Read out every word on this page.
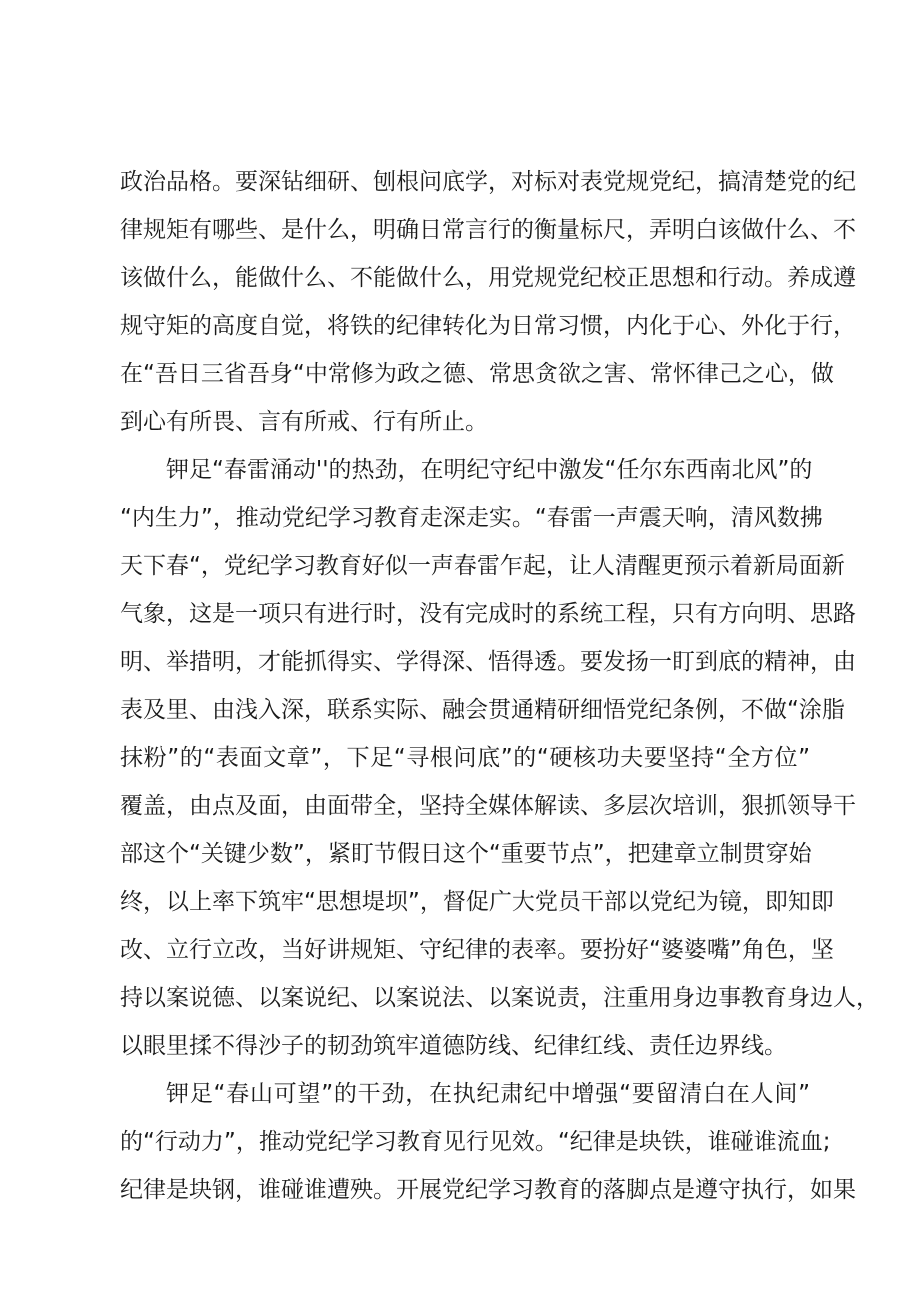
政治品格。要深钻细研、刨根问底学，对标对表党规党纪，搞清楚党的纪
律规矩有哪些、是什么，明确日常言行的衡量标尺，弄明白该做什么、不
该做什么，能做什么、不能做什么，用党规党纪校正思想和行动。养成遵
规守矩的高度自觉，将铁的纪律转化为日常习惯，内化于心、外化于行，
在“吾日三省吾身“中常修为政之德、常思贪欲之害、常怀律己之心，做
到心有所畏、言有所戒、行有所止。
钾足“春雷涌动''的热劲，在明纪守纪中激发“任尔东西南北风”的
“内生力”，推动党纪学习教育走深走实。“春雷一声震天响，清风数拂
天下春“，党纪学习教育好似一声春雷乍起，让人清醒更预示着新局面新
气象，这是一项只有进行时，没有完成时的系统工程，只有方向明、思路
明、举措明，才能抓得实、学得深、悟得透。要发扬一盯到底的精神，由
表及里、由浅入深，联系实际、融会贯通精研细悟党纪条例，不做“涂脂
抹粉”的“表面文章”，下足“寻根问底”的“硬核功夫要坚持“全方位”
覆盖，由点及面，由面带全，坚持全媒体解读、多层次培训，狠抓领导干
部这个“关键少数”，紧盯节假日这个“重要节点”，把建章立制贯穿始
终，以上率下筑牢“思想堤坝”，督促广大党员干部以党纪为镜，即知即
改、立行立改，当好讲规矩、守纪律的表率。要扮好“婆婆嘴”角色，坚
持以案说德、以案说纪、以案说法、以案说责，注重用身边事教育身边人，
以眼里揉不得沙子的韧劲筑牢道德防线、纪律红线、责任边界线。
钾足“春山可望”的干劲，在执纪肃纪中增强“要留清白在人间”
的“行动力”，推动党纪学习教育见行见效。“纪律是块铁，谁碰谁流血;
纪律是块钢，谁碰谁遭殃。开展党纪学习教育的落脚点是遵守执行，如果
